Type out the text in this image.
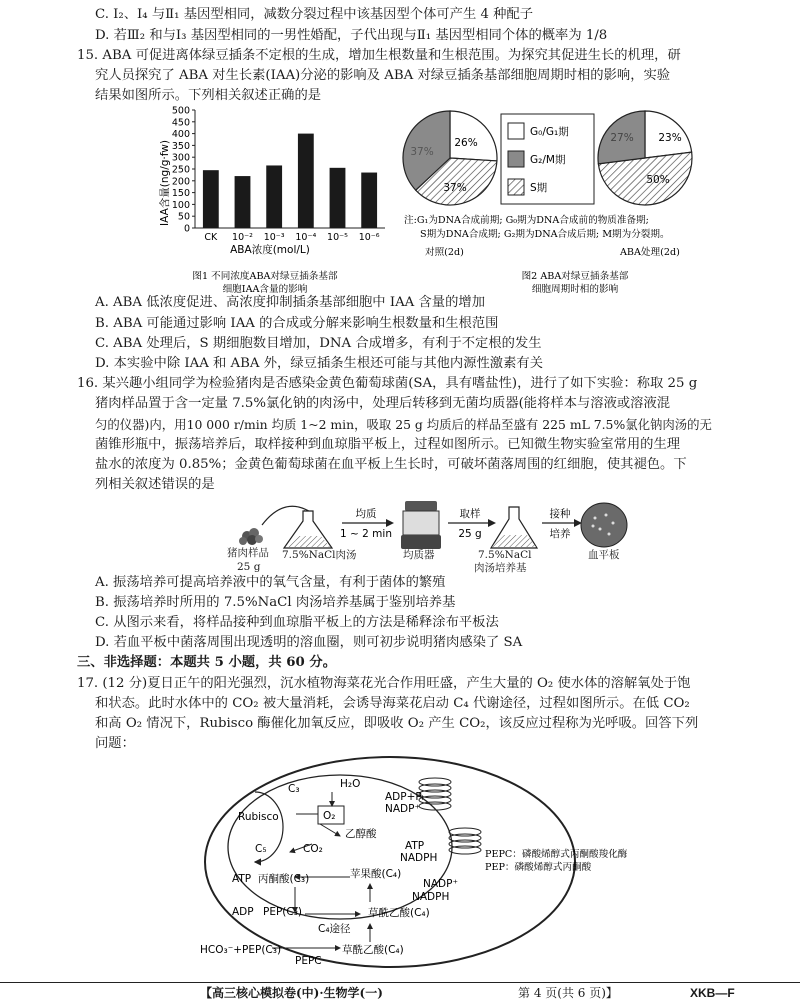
C. Ⅰ₂、Ⅰ₄ 与Ⅱ₁ 基因型相同，减数分裂过程中该基因型个体可产生 4 种配子
D. 若Ⅲ₂ 和与Ⅰ₃ 基因型相同的一男性婚配，子代出现与Ⅱ₁ 基因型相同个体的概率为 1/8
15. ABA 可促进离体绿豆插条不定根的生成，增加生根数量和生根范围。为探究其促进生长的机理，研
究人员探究了 ABA 对生长素(IAA)分泌的影响及 ABA 对绿豆插条基部细胞周期时相的影响，实验
结果如图所示。下列相关叙述正确的是
IAA含量(ng/g·fw)
0
50
100
150
200
250
300
350
400
450
500
CK 10⁻² 10⁻³ 10⁻⁴ 10⁻⁵ 10⁻⁶
ABA浓度(mol/L)
图1 不同浓度ABA对绿豆插条基部
细胞IAA含量的影响
26%
37%
37%
27% 23%
50%
G₀/G₁期
G₂/M期
S期
注:G₁为DNA合成前期; G₀期为DNA合成前的物质准备期;
S期为DNA合成期; G₂期为DNA合成后期; M期为分裂期。
对照(2d)	ABA处理(2d)
图2 ABA对绿豆插条基部
细胞周期时相的影响
A. ABA 低浓度促进、高浓度抑制插条基部细胞中 IAA 含量的增加
B. ABA 可能通过影响 IAA 的合成或分解来影响生根数量和生根范围
C. ABA 处理后，S 期细胞数目增加，DNA 合成增多，有利于不定根的发生
D. 本实验中除 IAA 和 ABA 外，绿豆插条生根还可能与其他内源性激素有关
16. 某兴趣小组同学为检验猪肉是否感染金黄色葡萄球菌(SA，具有嗜盐性)，进行了如下实验：称取 25 g
猪肉样品置于含一定量 7.5%氯化钠的肉汤中，处理后转移到无菌均质器(能将样本与溶液或溶液混
匀的仪器)内，用10 000 r/min 均质 1~2 min，吸取 25 g 均质后的样品至盛有 225 mL 7.5%氯化钠肉汤的无
菌锥形瓶中，振荡培养后，取样接种到血琼脂平板上，过程如图所示。已知微生物实验室常用的生理
盐水的浓度为 0.85%；金黄色葡萄球菌在血平板上生长时，可破坏菌落周围的红细胞，使其褪色。下
列相关叙述错误的是
均质
1 ~ 2 min
取样
25 g
接种
培养
猪肉样品
25 g
7.5%NaCl肉汤	均质器	7.5%NaCl
肉汤培养基
血平板
A. 振荡培养可提高培养液中的氧气含量，有利于菌体的繁殖
B. 振荡培养时所用的 7.5%NaCl 肉汤培养基属于鉴别培养基
C. 从图示来看，将样品接种到血琼脂平板上的方法是稀释涂布平板法
D. 若血平板中菌落周围出现透明的溶血圈，则可初步说明猪肉感染了 SA
三、非选择题：本题共 5 小题，共 60 分。
17. (12 分)夏日正午的阳光强烈，沉水植物海菜花光合作用旺盛，产生大量的 O₂ 使水体的溶解氧处于饱
和状态。此时水体中的 CO₂ 被大量消耗，会诱导海菜花启动 C₄ 代谢途径，过程如图所示。在低 CO₂
和高 O₂ 情况下，Rubisco 酶催化加氧反应，即吸收 O₂ 产生 CO₂，该反应过程称为光呼吸。回答下列
问题：
H₂O
O₂
C₃
Rubisco
C₅	CO₂
乙醇酸
ADP+Pᵢ
NADP⁺
ATP
NADPH
ATP 丙酮酸(C₃)	苹果酸(C₄)
NADP⁺
NADPH
ADP PEP(C₃)
C₄途径
草酰乙酸(C₄)
HCO₃⁻+PEP(C₃)	草酰乙酸(C₄)
PEPC
PEPC：磷酸烯醇式丙酮酸羧化酶
PEP：磷酸烯醇式丙酮酸
【高三核心模拟卷(中)·生物学(一)	第 4 页(共 6 页)】	XKB—F
